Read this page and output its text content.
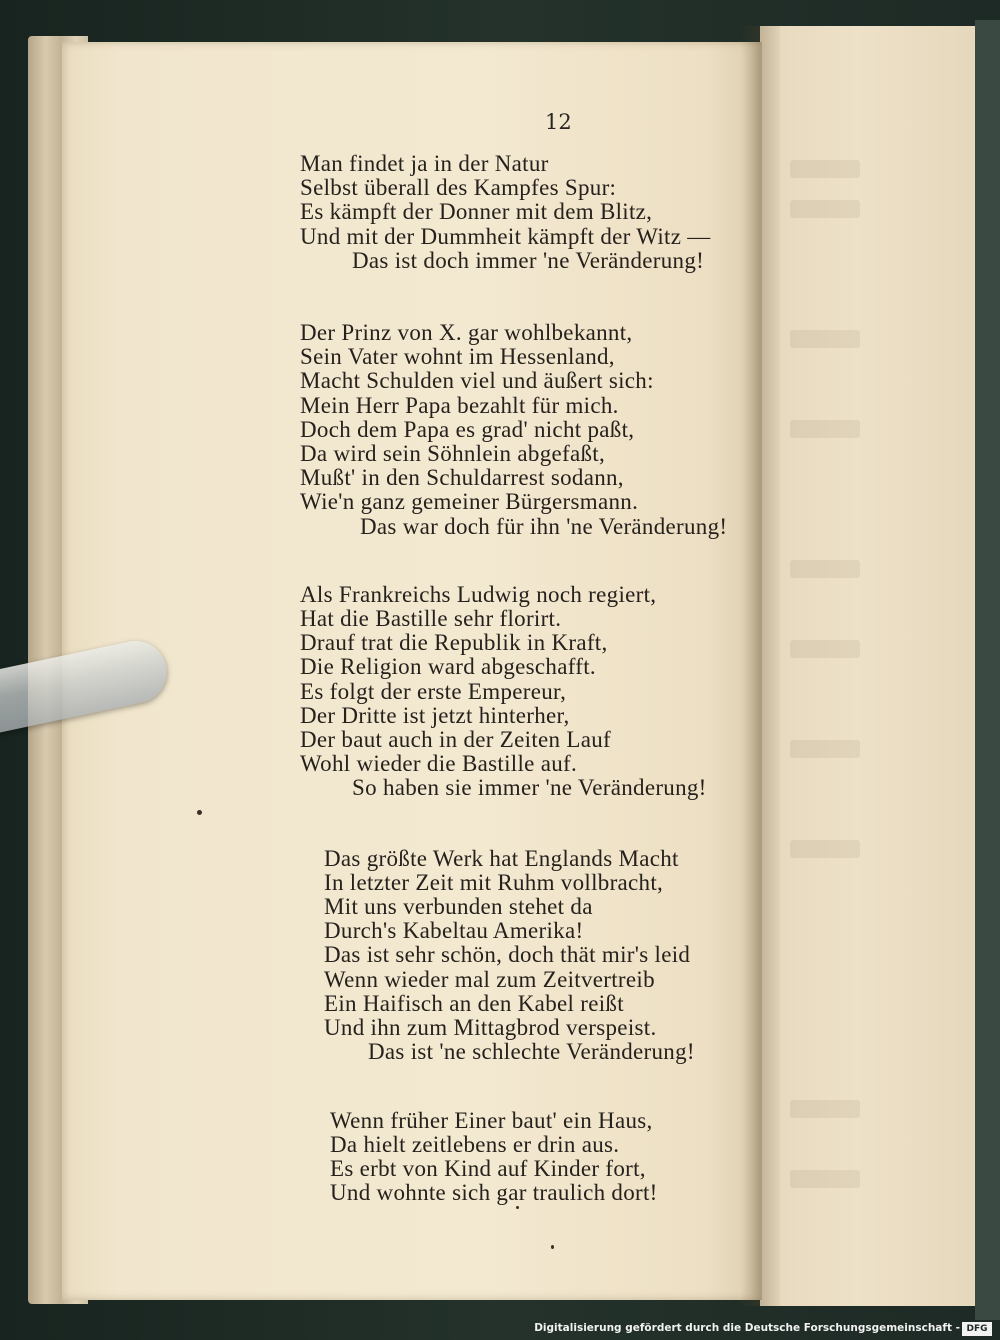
12
Man findet ja in der Natur
Selbst überall des Kampfes Spur:
Es kämpft der Donner mit dem Blitz,
Und mit der Dummheit kämpft der Witz —
Das ist doch immer 'ne Veränderung!
Der Prinz von X. gar wohlbekannt,
Sein Vater wohnt im Hessenland,
Macht Schulden viel und äußert sich:
Mein Herr Papa bezahlt für mich.
Doch dem Papa es grad' nicht paßt,
Da wird sein Söhnlein abgefaßt,
Mußt' in den Schuldarrest sodann,
Wie'n ganz gemeiner Bürgersmann.
Das war doch für ihn 'ne Veränderung!
Als Frankreichs Ludwig noch regiert,
Hat die Bastille sehr florirt.
Drauf trat die Republik in Kraft,
Die Religion ward abgeschafft.
Es folgt der erste Empereur,
Der Dritte ist jetzt hinterher,
Der baut auch in der Zeiten Lauf
Wohl wieder die Bastille auf.
So haben sie immer 'ne Veränderung!
Das größte Werk hat Englands Macht
In letzter Zeit mit Ruhm vollbracht,
Mit uns verbunden stehet da
Durch's Kabeltau Amerika!
Das ist sehr schön, doch thät mir's leid
Wenn wieder mal zum Zeitvertreib
Ein Haifisch an den Kabel reißt
Und ihn zum Mittagbrod verspeist.
Das ist 'ne schlechte Veränderung!
Wenn früher Einer baut' ein Haus,
Da hielt zeitlebens er drin aus.
Es erbt von Kind auf Kinder fort,
Und wohnte sich gar traulich dort!
Digitalisierung gefördert durch die Deutsche Forschungsgemeinschaft - DFG
